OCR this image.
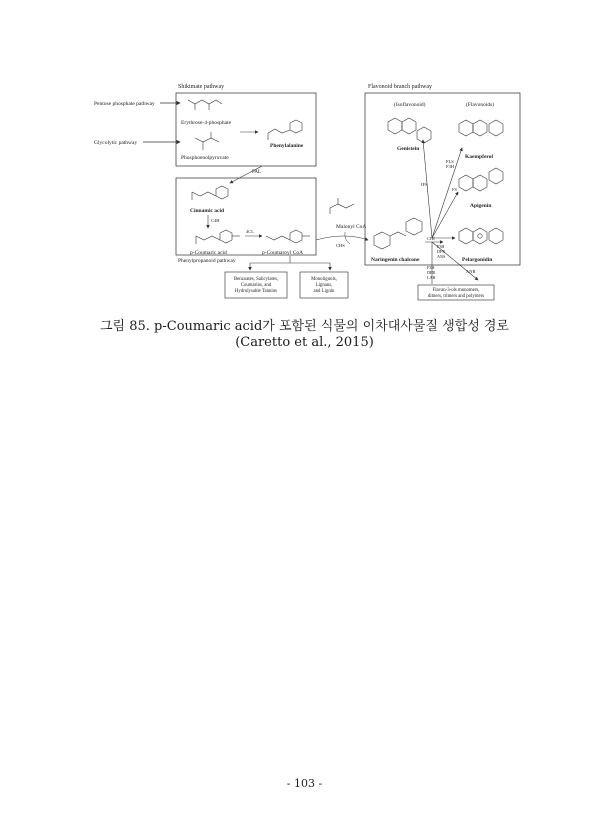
Shikimate pathway	Flavonoid branch pathway
Phenylpropanoid pathway
Pentose phosphate pathway
Glycolytic pathway
Erythrose-4-phosphate
Phosphoenolpyruvate
Phenylalanine
PAL
Cinnamic acid
C4H
p-Coumaric acid
4CL
p-Coumaroyl CoA
Malonyl CoA
CHS
Naringenin chalcone
CHI
(Isoflavonoid)	(Flavonoids)
Genistein
Kaempferol
Apigenin
Pelargonidin
IFS
FLS
F3H
FS
F3H
DFR
ANS
F3H
DFR
LAR
ANR
Benzoates, Salicylates,
Coumarins, and
Hydrolysable Tannins
Monolignols,
Lignans,
and Lignin	Flavan-3-ols monomers,
dimers, trimers and polymers
그림 85. p-Coumaric acid가 포함된 식물의 이차대사물질 생합성 경로
(Caretto et al., 2015)
- 103 -
